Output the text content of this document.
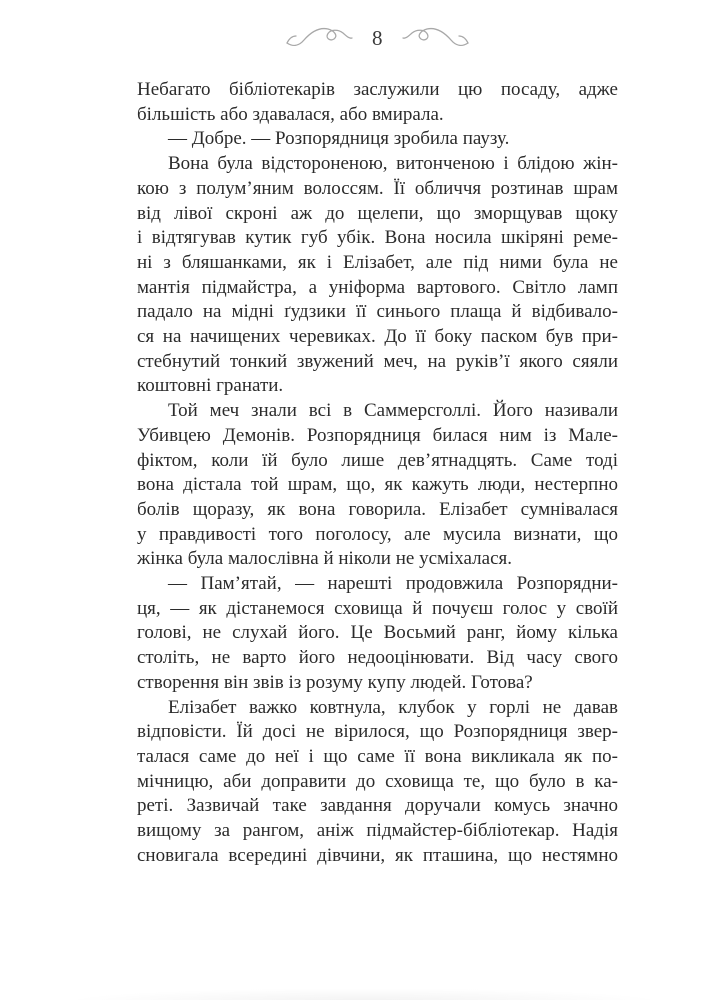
8
Небагато бібліотекарів заслужили цю посаду, адже
більшість або здавалася, або вмирала.
— Добре. — Розпорядниця зробила паузу.
Вона була відстороненою, витонченою і блідою жін-
кою з полум’яним волоссям. Її обличчя розтинав шрам
від лівої скроні аж до щелепи, що зморщував щоку
і відтягував кутик губ убік. Вона носила шкіряні реме-
ні з бляшанками, як і Елізабет, але під ними була не
мантія підмайстра, а уніформа вартового. Світло ламп
падало на мідні ґудзики її синього плаща й відбивало-
ся на начищених черевиках. До її боку паском був при-
стебнутий тонкий звужений меч, на руків’ї якого сяяли
коштовні гранати.
Той меч знали всі в Саммерсголлі. Його називали
Убивцею Демонів. Розпорядниця билася ним із Мале-
фіктом, коли їй було лише дев’ятнадцять. Саме тоді
вона дістала той шрам, що, як кажуть люди, нестерпно
болів щоразу, як вона говорила. Елізабет сумнівалася
у правдивості того поголосу, але мусила визнати, що
жінка була малослівна й ніколи не усміхалася.
— Пам’ятай, — нарешті продовжила Розпорядни-
ця, — як дістанемося сховища й почуєш голос у своїй
голові, не слухай його. Це Восьмий ранг, йому кілька
століть, не варто його недооцінювати. Від часу свого
створення він звів із розуму купу людей. Готова?
Елізабет важко ковтнула, клубок у горлі не давав
відповісти. Їй досі не вірилося, що Розпорядниця звер-
талася саме до неї і що саме її вона викликала як по-
мічницю, аби доправити до сховища те, що було в ка-
реті. Зазвичай таке завдання доручали комусь значно
вищому за рангом, аніж підмайстер-бібліотекар. Надія
сновигала всередині дівчини, як пташина, що нестямно
